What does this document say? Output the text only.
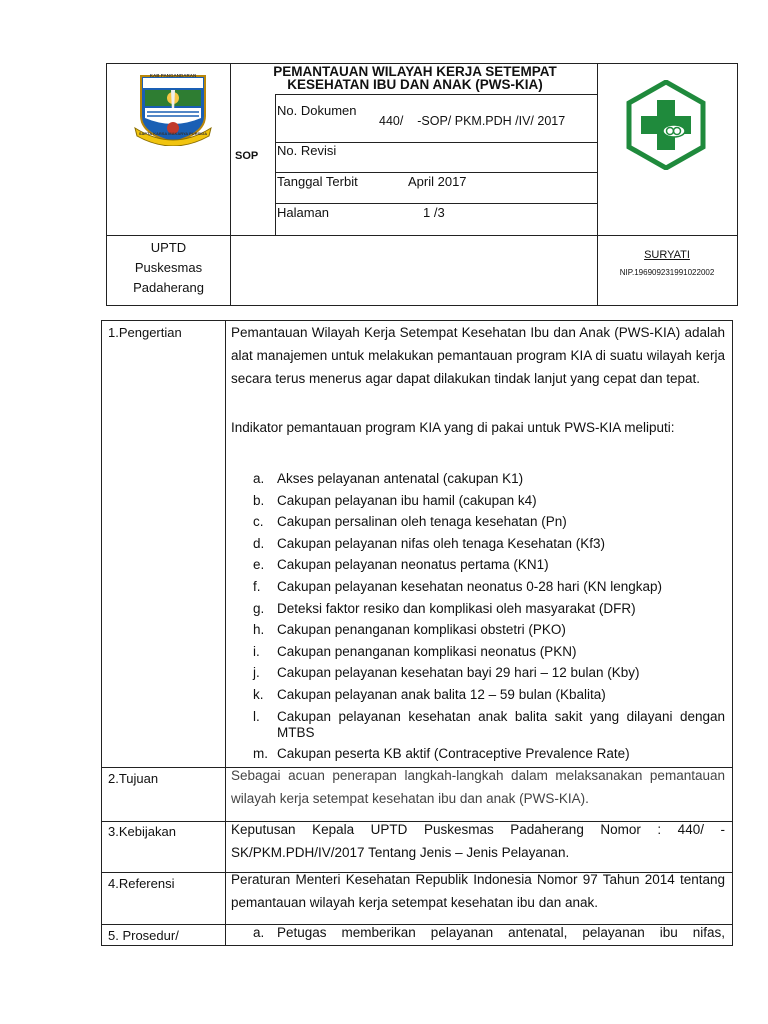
KAB PANGANDARAN
SAPTA KARSA MAKARYA PURSIDA
PEMANTAUAN WILAYAH KERJA SETEMPAT
KESEHATAN IBU DAN ANAK (PWS-KIA)
SOP
No. Dokumen
440/    -SOP/ PKM.PDH /IV/ 2017
No. Revisi
Tanggal Terbit	April 2017
Halaman	1 /3
UPTD
Puskesmas
Padaherang
SURYATI
NIP.196909231991022002
1.Pengertian	Pemantauan Wilayah Kerja Setempat Kesehatan Ibu dan Anak (PWS-KIA) adalah alat manajemen untuk melakukan pemantauan program KIA di suatu wilayah kerja secara terus menerus agar dapat dilakukan tindak lanjut yang cepat dan tepat.
Indikator pemantauan program KIA yang di pakai untuk PWS-KIA meliputi:
a. Akses pelayanan antenatal (cakupan K1)
b. Cakupan pelayanan ibu hamil (cakupan k4)
c. Cakupan persalinan oleh tenaga kesehatan (Pn)
d. Cakupan pelayanan nifas oleh tenaga Kesehatan (Kf3)
e. Cakupan pelayanan neonatus pertama (KN1)
f. Cakupan pelayanan kesehatan neonatus 0-28 hari (KN lengkap)
g. Deteksi faktor resiko dan komplikasi oleh masyarakat (DFR)
h. Cakupan penanganan komplikasi obstetri (PKO)
i. Cakupan penanganan komplikasi neonatus (PKN)
j. Cakupan pelayanan kesehatan bayi 29 hari – 12 bulan (Kby)
k. Cakupan pelayanan anak balita 12 – 59 bulan (Kbalita)
l. Cakupan pelayanan kesehatan anak balita sakit yang dilayani dengan MTBS
m. Cakupan peserta KB aktif (Contraceptive Prevalence Rate)
2.Tujuan	Sebagai acuan penerapan langkah-langkah dalam melaksanakan pemantauan wilayah kerja setempat kesehatan ibu dan anak (PWS-KIA).
3.Kebijakan	Keputusan Kepala UPTD Puskesmas Padaherang Nomor : 440/ - SK/PKM.PDH/IV/2017 Tentang Jenis – Jenis Pelayanan.
4.Referensi	Peraturan Menteri Kesehatan Republik Indonesia Nomor 97 Tahun 2014 tentang pemantauan wilayah kerja setempat kesehatan ibu dan anak.
5. Prosedur/	a. Petugas memberikan pelayanan antenatal, pelayanan ibu nifas,
